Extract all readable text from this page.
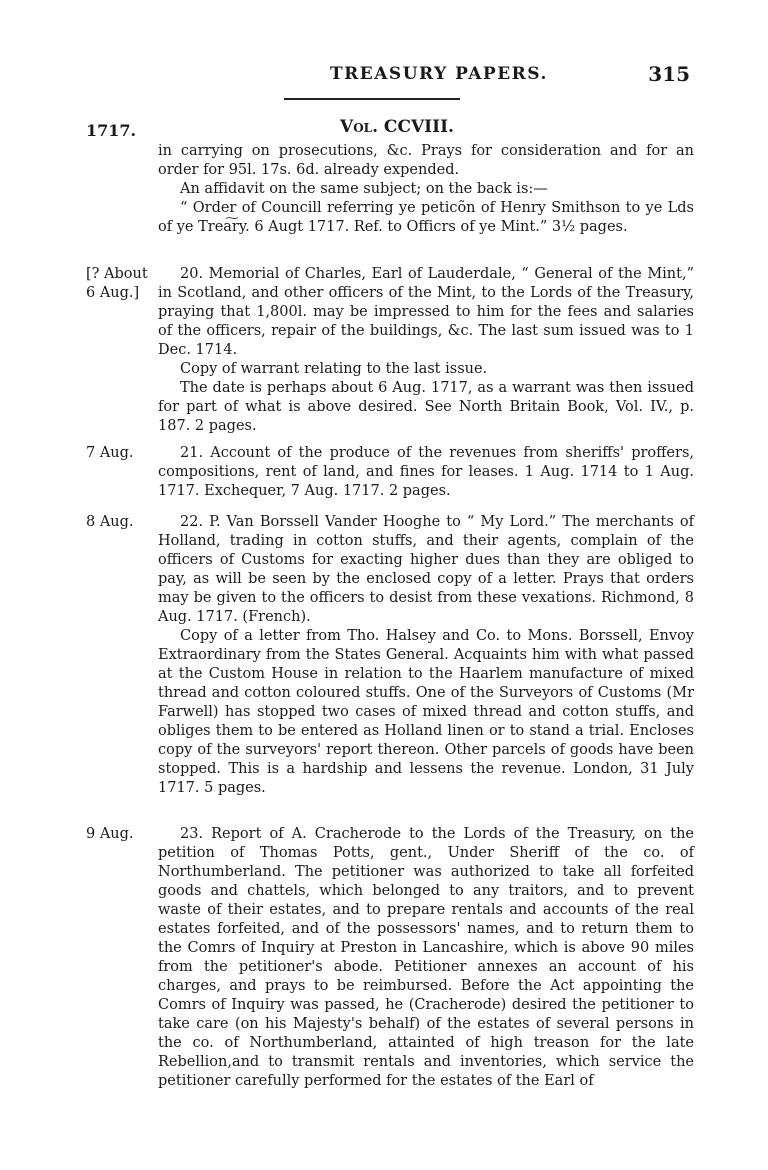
TREASURY PAPERS.	315
1717.	Vol. CCVIII.

in carrying on prosecutions, &c. Prays for consideration and for an order for 95l. 17s. 6d. already expended.

An affidavit on the same subject; on the back is:—

“ Order of Councill referring ye peticõn of Henry Smithson to ye Lds of ye Trea͠ry. 6 Augt 1717. Ref. to Officrs of ye Mint.” 3½ pages.

[? About 6 Aug.]

20. Memorial of Charles, Earl of Lauderdale, “ General of the Mint,” in Scotland, and other officers of the Mint, to the Lords of the Treasury, praying that 1,800l. may be impressed to him for the fees and salaries of the officers, repair of the buildings, &c. The last sum issued was to 1 Dec. 1714.

Copy of warrant relating to the last issue.

The date is perhaps about 6 Aug. 1717, as a warrant was then issued for part of what is above desired. See North Britain Book, Vol. IV., p. 187. 2 pages.

7 Aug.	21. Account of the produce of the revenues from sheriffs' proffers, compositions, rent of land, and fines for leases. 1 Aug. 1714 to 1 Aug. 1717. Exchequer, 7 Aug. 1717. 2 pages.

8 Aug.	22. P. Van Borssell Vander Hooghe to “ My Lord.” The merchants of Holland, trading in cotton stuffs, and their agents, complain of the officers of Customs for exacting higher dues than they are obliged to pay, as will be seen by the enclosed copy of a letter. Prays that orders may be given to the officers to desist from these vexations. Richmond, 8 Aug. 1717. (French).

Copy of a letter from Tho. Halsey and Co. to Mons. Borssell, Envoy Extraordinary from the States General. Acquaints him with what passed at the Custom House in relation to the Haarlem manufacture of mixed thread and cotton coloured stuffs. One of the Surveyors of Customs (Mr Farwell) has stopped two cases of mixed thread and cotton stuffs, and obliges them to be entered as Holland linen or to stand a trial. Encloses copy of the surveyors' report thereon. Other parcels of goods have been stopped. This is a hardship and lessens the revenue. London, 31 July 1717. 5 pages.

9 Aug.	23. Report of A. Cracherode to the Lords of the Treasury, on the petition of Thomas Potts, gent., Under Sheriff of the co. of Northumberland. The petitioner was authorized to take all forfeited goods and chattels, which belonged to any traitors, and to prevent waste of their estates, and to prepare rentals and accounts of the real estates forfeited, and of the possessors' names, and to return them to the Comrs of Inquiry at Preston in Lancashire, which is above 90 miles from the petitioner's abode. Petitioner annexes an account of his charges, and prays to be reimbursed. Before the Act appointing the Comrs of Inquiry was passed, he (Cracherode) desired the petitioner to take care (on his Majesty's behalf) of the estates of several persons in the co. of Northumberland, attainted of high treason for the late Rebellion,and to transmit rentals and inventories, which service the petitioner carefully performed for the estates of the Earl of
